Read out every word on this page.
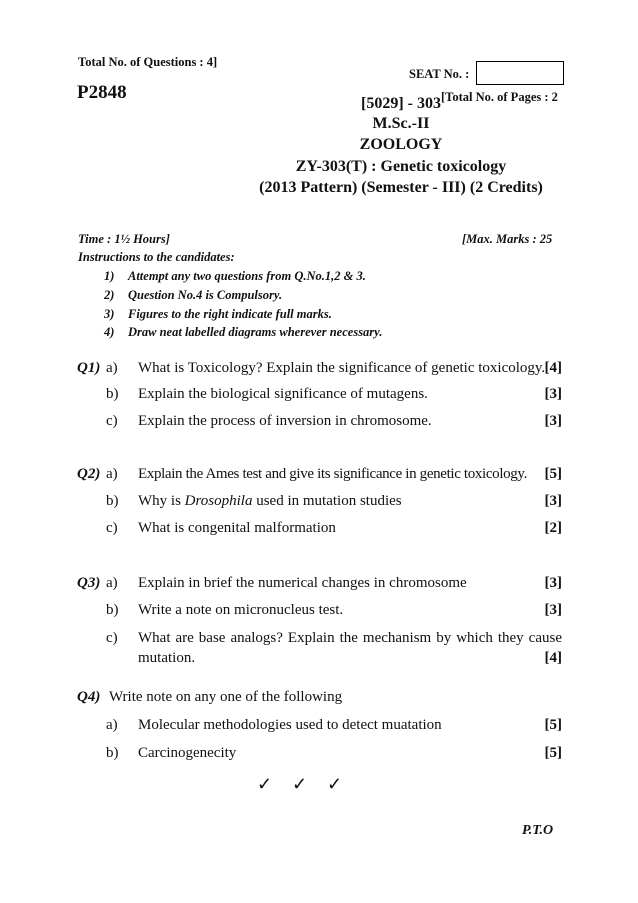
Total No. of Questions : 4]
SEAT No. :
P2848	[Total No. of Pages : 2
[5029] - 303
M.Sc.-II
ZOOLOGY
ZY-303(T) : Genetic toxicology
(2013 Pattern) (Semester - III) (2 Credits)
Time : 1½ Hours]	[Max. Marks : 25
Instructions to the candidates:
1) Attempt any two questions from Q.No.1,2 & 3.
2) Question No.4 is Compulsory.
3) Figures to the right indicate full marks.
4) Draw neat labelled diagrams wherever necessary.
Q1) a) What is Toxicology? Explain the significance of genetic toxicology. [4]
b) Explain the biological significance of mutagens.	[3]
c) Explain the process of inversion in chromosome.	[3]
Q2) a) Explain the Ames test and give its significance in genetic toxicology.	[5]
b) Why is Drosophila used in mutation studies	[3]
c) What is congenital malformation	[2]
Q3) a) Explain in brief the numerical changes in chromosome	[3]
b) Write a note on micronucleus test.	[3]
c) What are base analogs? Explain the mechanism by which they cause
mutation.	[4]
Q4) Write note on any one of the following
a) Molecular methodologies used to detect muatation	[5]
b) Carcinogenecity	[5]
✓ ✓ ✓
P.T.O
